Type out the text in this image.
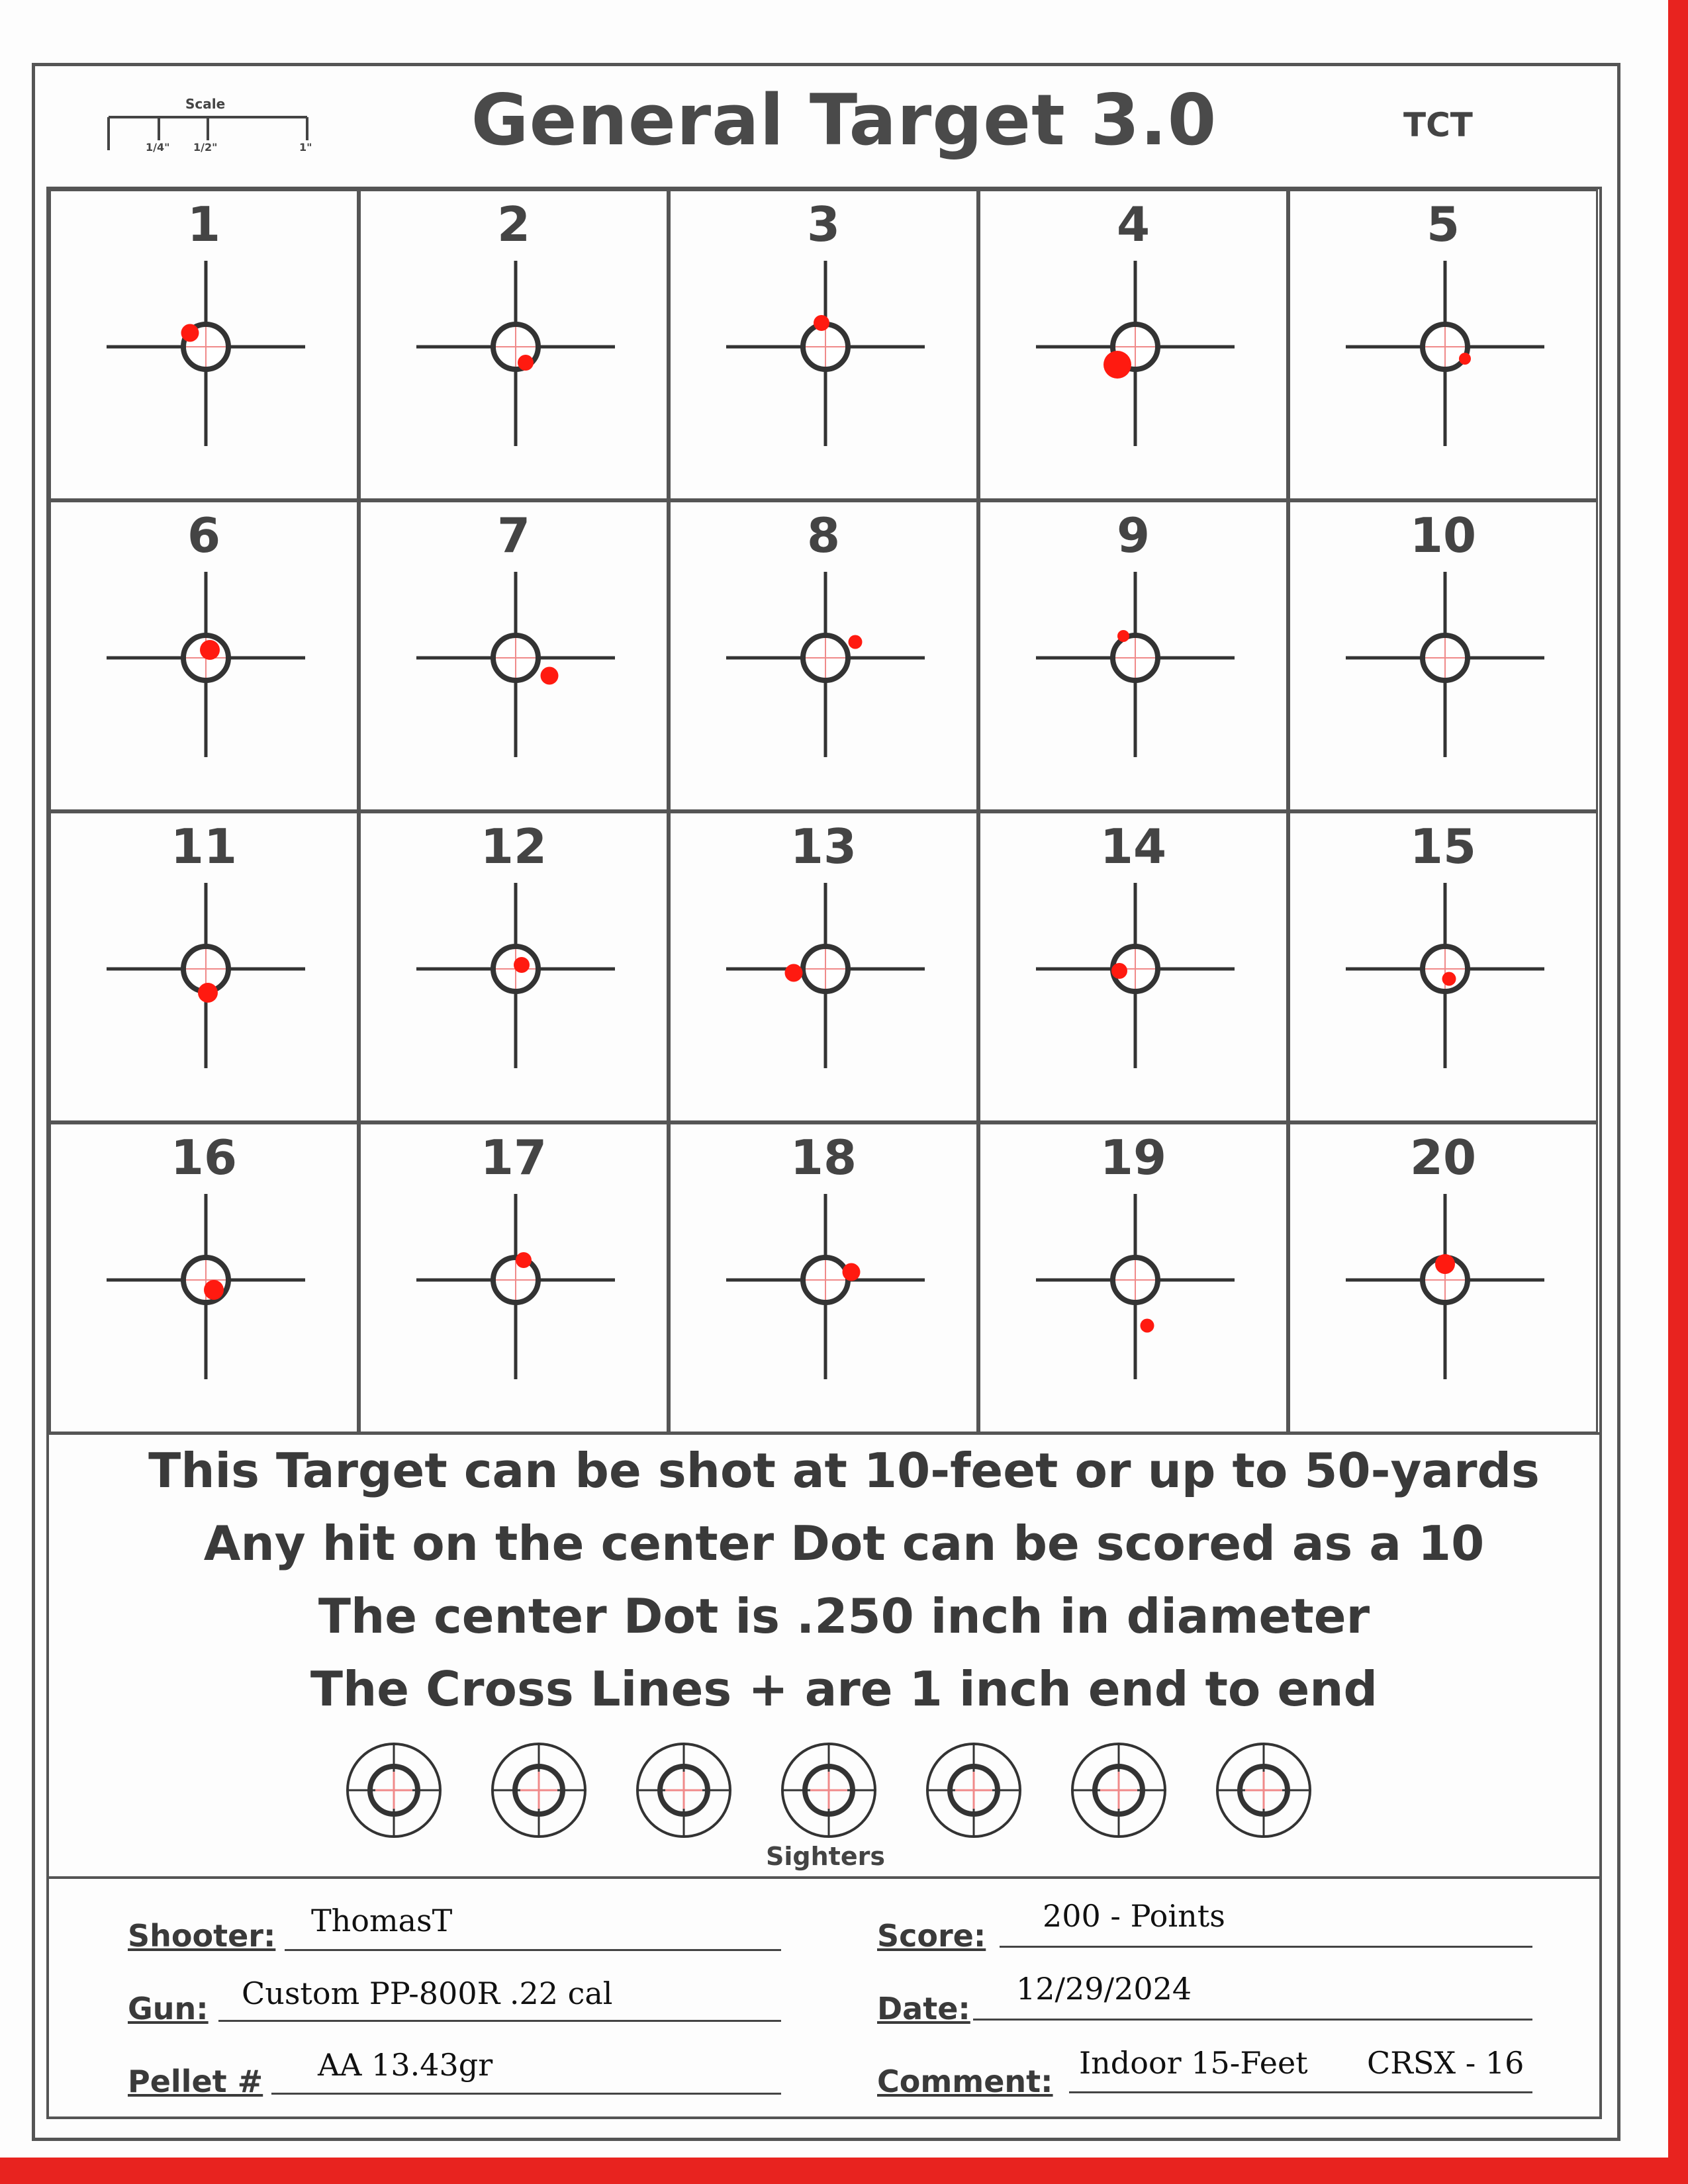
Scale
1/4" 1/2"	1"	General Target 3.0	TCT
1	2	3	4	5
6	7	8	9	10
11	12	13	14	15
16	17	18	19	20
This Target can be shot at 10-feet or up to 50-yards
Any hit on the center Dot can be scored as a 10
The center Dot is .250 inch in diameter
The Cross Lines + are 1 inch end to end
Sighters
Shooter: ThomasT
Gun: Custom PP-800R .22 cal
Pellet # AA 13.43gr
Score:
200 - Points
Date:
12/29/2024
Comment:
Indoor 15-Feet CRSX - 16
